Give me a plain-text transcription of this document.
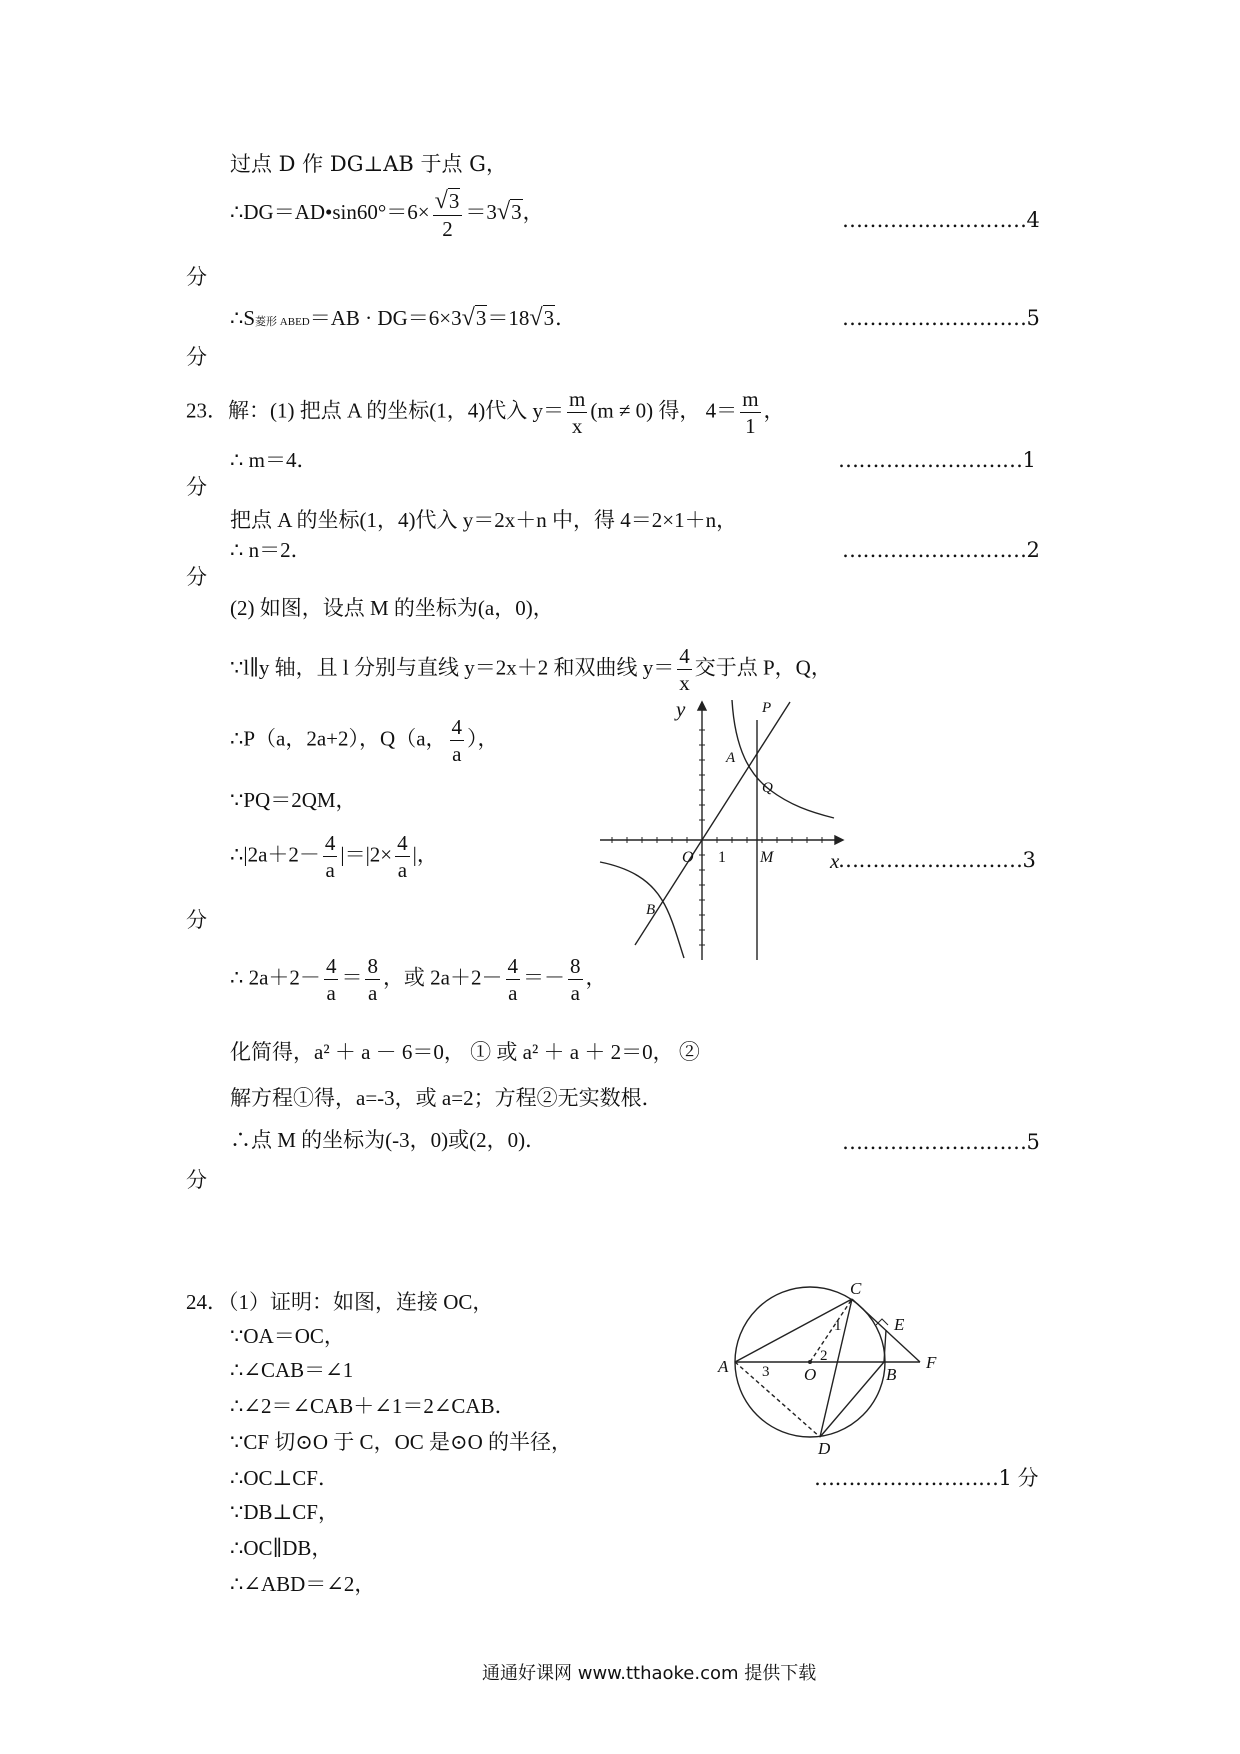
过点 D 作 DG⊥AB 于点 G，
∴DG＝AD•sin60°＝6× $\frac{√3}{2} =3√3$，	………………………4
分
∴S菱形 ABED＝AB · DG＝6×3√3＝18√3．	………………………5
分
23．解：(1) 把点 A 的坐标(1，4)代入 $y= \frac{m}{x} (m \ne 0)$ 得， $4= \frac{m}{1}$ ，
∴ m＝4．	………………………1
分
把点 A 的坐标(1，4)代入 y＝2x＋n 中，得 4＝2×1＋n，
∴ n＝2．	………………………2
分
(2) 如图，设点 M 的坐标为(a，0)，
∵l∥y 轴，且 l 分别与直线 y＝2x＋2 和双曲线 $y= \frac{4}{x}$ 交于点 P，Q，
∴P（a，2a+2），Q（a， $\frac{4}{a}$ ），
∵PQ＝2QM，
∴|2a＋2－ $\frac{4}{a} |=|2\times \frac{4}{a}$ |，	………………………3
分
∴ $2a+2- \frac{4}{a} = \frac{8}{a}$ ，或 $2a+2- \frac{4}{a} =- \frac{8}{a}$ ，
化简得，a² ＋ a － 6＝0， ① 或 a² ＋ a ＋ 2＝0， ②
解方程①得，a=-3，或 a=2；方程②无实数根．
∴点 M 的坐标为(-3，0)或(2，0)．	………………………5
分
y
x
O 1 M
A
P
Q
B
24．（1）证明：如图，连接 OC，
∵OA＝OC，
∴∠CAB＝∠1
∴∠2＝∠CAB＋∠1＝2∠CAB．
∵CF 切⊙O 于 C，OC 是⊙O 的半径，
∴OC⊥CF．	………………………1 分
∵DB⊥CF，
∴OC∥DB，
∴∠ABD＝∠2，
C
E
F
A	O	B
D
1
2
3
通通好课网 www.tthaoke.com 提供下载
